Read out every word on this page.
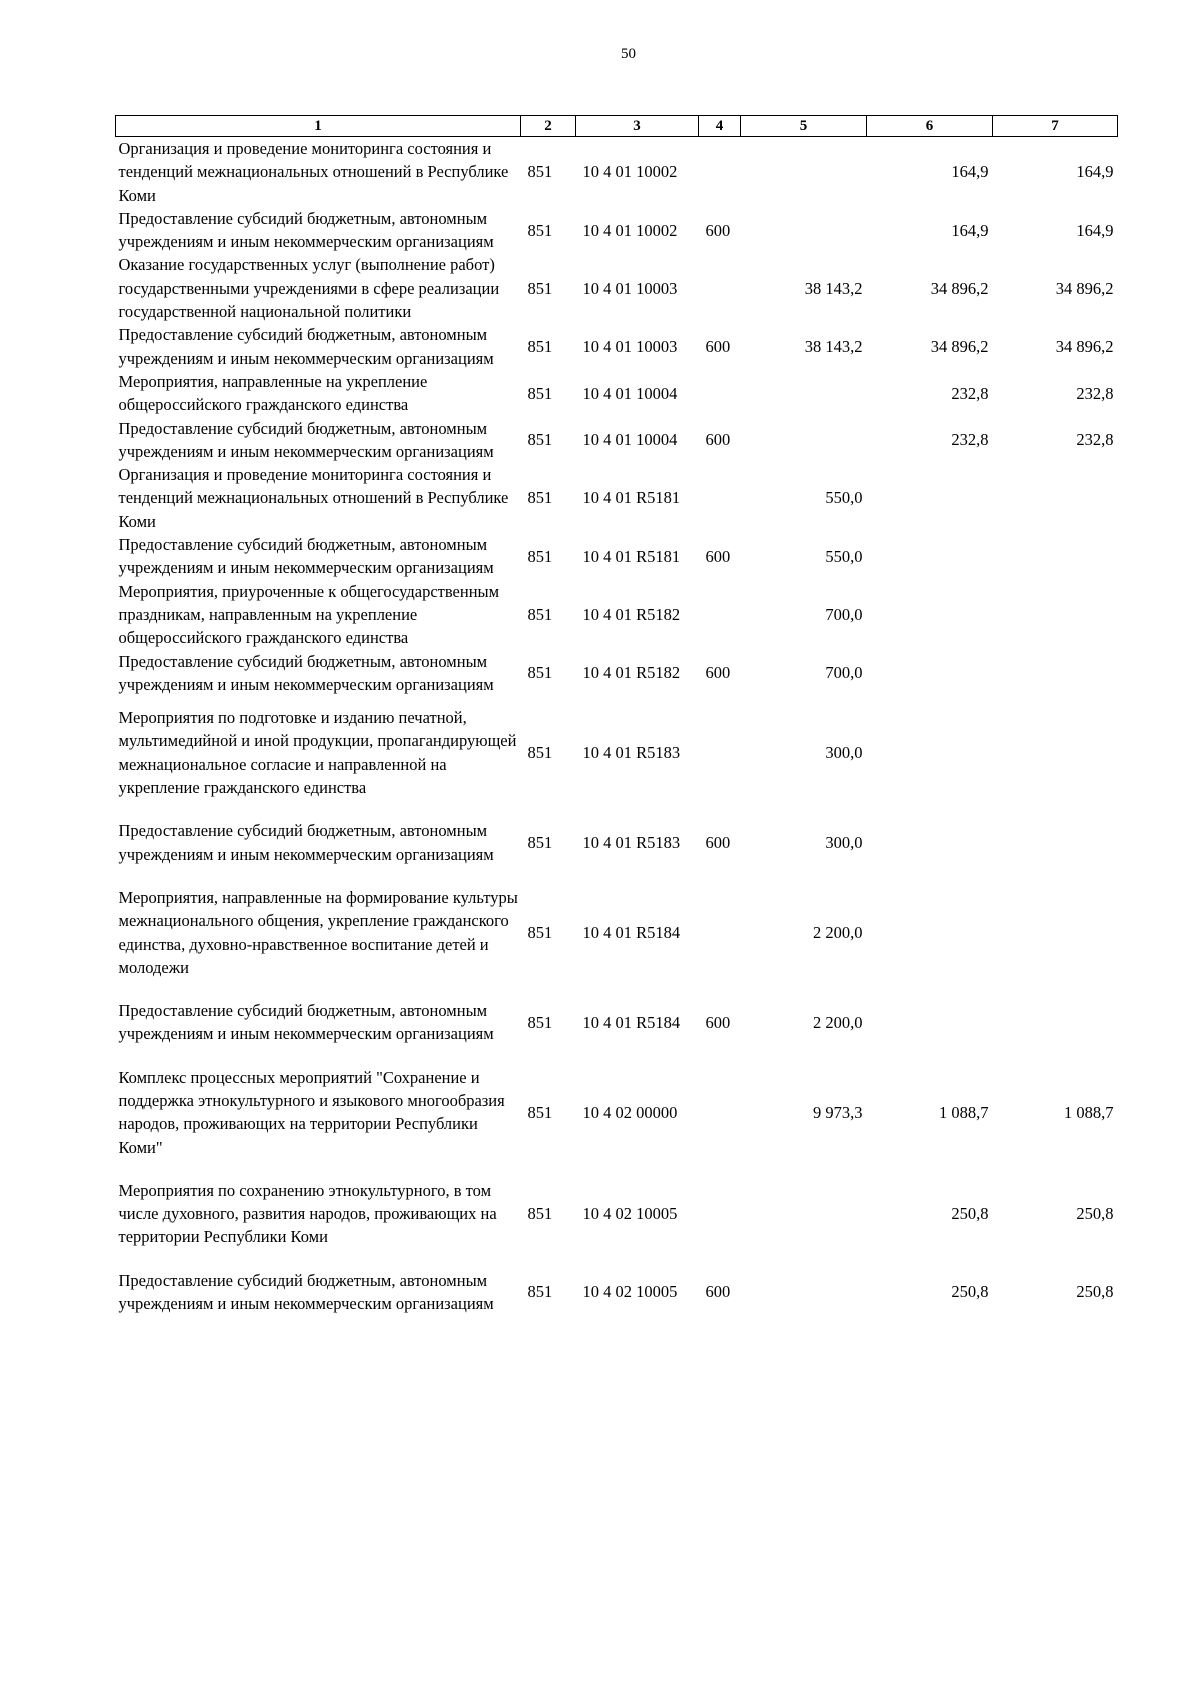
50
1	2	3	4	5	6	7
Организация и проведение мониторинга состояния и тенденций межнациональных отношений в Республике Коми	851	10 4 01 10002			164,9	164,9
Предоставление субсидий бюджетным, автономным учреждениям и иным некоммерческим организациям	851	10 4 01 10002	600		164,9	164,9
Оказание государственных услуг (выполнение работ) государственными учреждениями в сфере реализации государственной национальной политики	851	10 4 01 10003		38 143,2	34 896,2	34 896,2
Предоставление субсидий бюджетным, автономным учреждениям и иным некоммерческим организациям	851	10 4 01 10003	600	38 143,2	34 896,2	34 896,2
Мероприятия, направленные на укрепление общероссийского гражданского единства	851	10 4 01 10004			232,8	232,8
Предоставление субсидий бюджетным, автономным учреждениям и иным некоммерческим организациям	851	10 4 01 10004	600		232,8	232,8
Организация и проведение мониторинга состояния и тенденций межнациональных отношений в Республике Коми	851	10 4 01 R5181		550,0		
Предоставление субсидий бюджетным, автономным учреждениям и иным некоммерческим организациям	851	10 4 01 R5181	600	550,0		
Мероприятия, приуроченные к общегосударственным праздникам, направленным на укрепление общероссийского гражданского единства	851	10 4 01 R5182		700,0		
Предоставление субсидий бюджетным, автономным учреждениям и иным некоммерческим организациям	851	10 4 01 R5182	600	700,0		
Мероприятия по подготовке и изданию печатной, мультимедийной и иной продукции, пропагандирующей межнациональное согласие и направленной на укрепление гражданского единства	851	10 4 01 R5183		300,0		
Предоставление субсидий бюджетным, автономным учреждениям и иным некоммерческим организациям	851	10 4 01 R5183	600	300,0		
Мероприятия, направленные на формирование культуры межнационального общения, укрепление гражданского единства, духовно-нравственное воспитание детей и молодежи	851	10 4 01 R5184		2 200,0		
Предоставление субсидий бюджетным, автономным учреждениям и иным некоммерческим организациям	851	10 4 01 R5184	600	2 200,0		
Комплекс процессных мероприятий "Сохранение и поддержка этнокультурного и языкового многообразия народов, проживающих на территории Республики Коми"	851	10 4 02 00000		9 973,3	1 088,7	1 088,7
Мероприятия по сохранению этнокультурного, в том числе духовного, развития народов, проживающих на территории Республики Коми	851	10 4 02 10005			250,8	250,8
Предоставление субсидий бюджетным, автономным учреждениям и иным некоммерческим организациям	851	10 4 02 10005	600		250,8	250,8
